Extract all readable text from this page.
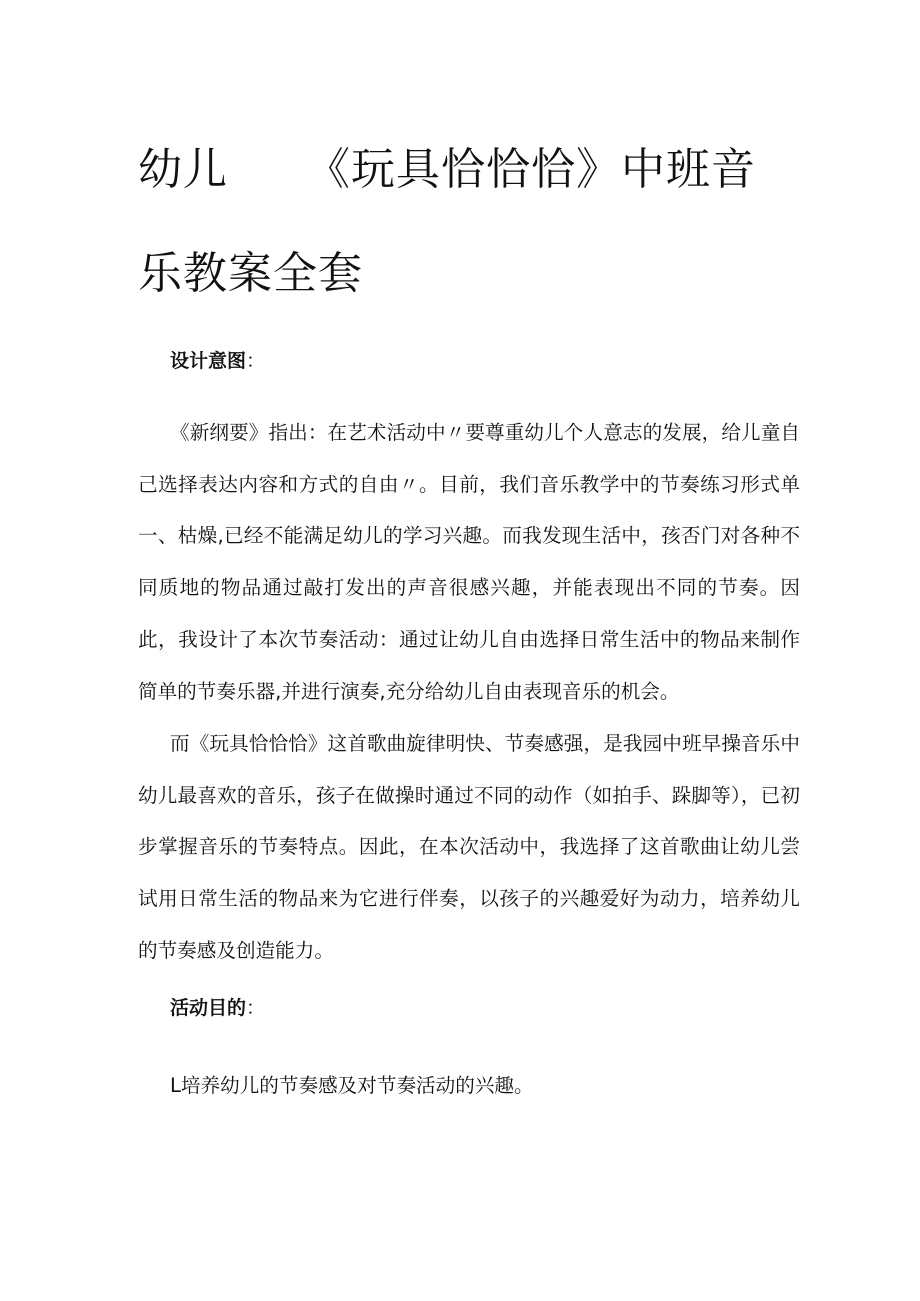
幼儿 《玩具恰恰恰》中班音乐教案全套

设计意图：

《新纲要》指出：在艺术活动中〃要尊重幼儿个人意志的发展，给儿童自己选择表达内容和方式的自由〃。目前，我们音乐教学中的节奏练习形式单一、枯燥,已经不能满足幼儿的学习兴趣。而我发现生活中，孩否门对各种不同质地的物品通过敲打发出的声音很感兴趣，并能表现出不同的节奏。因此，我设计了本次节奏活动：通过让幼儿自由选择日常生活中的物品来制作简单的节奏乐器,并进行演奏,充分给幼儿自由表现音乐的机会。

而《玩具恰恰恰》这首歌曲旋律明快、节奏感强，是我园中班早操音乐中幼儿最喜欢的音乐，孩子在做操时通过不同的动作（如拍手、跺脚等），已初步掌握音乐的节奏特点。因此，在本次活动中，我选择了这首歌曲让幼儿尝试用日常生活的物品来为它进行伴奏，以孩子的兴趣爱好为动力，培养幼儿的节奏感及创造能力。

活动目的：

L培养幼儿的节奏感及对节奏活动的兴趣。
